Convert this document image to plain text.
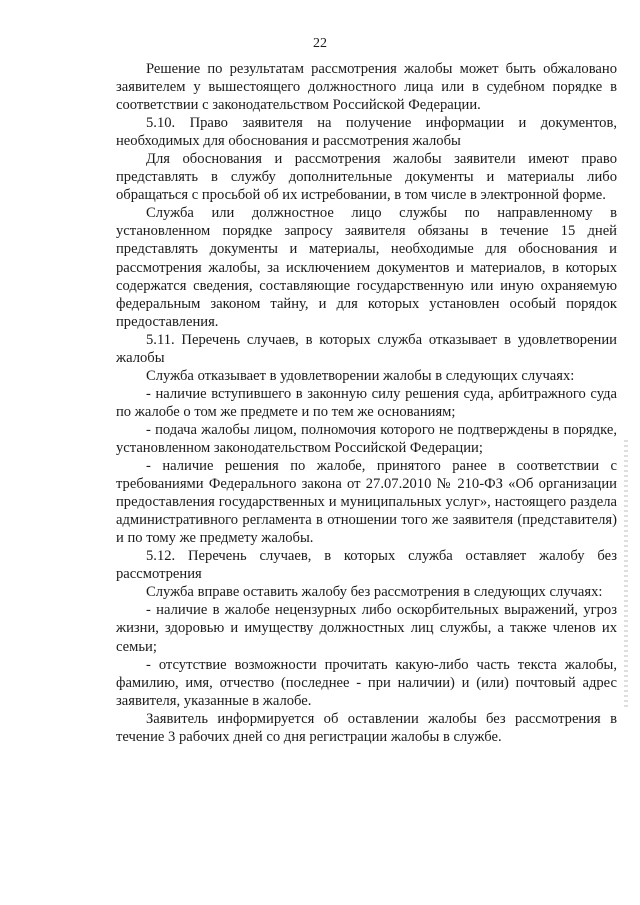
22

Решение по результатам рассмотрения жалобы может быть обжаловано заявителем у вышестоящего должностного лица или в судебном порядке в соответствии с законодательством Российской Федерации.

5.10. Право заявителя на получение информации и документов, необходимых для обоснования и рассмотрения жалобы

Для обоснования и рассмотрения жалобы заявители имеют право представлять в службу дополнительные документы и материалы либо обращаться с просьбой об их истребовании, в том числе в электронной форме.

Служба или должностное лицо службы по направленному в установленном порядке запросу заявителя обязаны в течение 15 дней представлять документы и материалы, необходимые для обоснования и рассмотрения жалобы, за исключением документов и материалов, в которых содержатся сведения, составляющие государственную или иную охраняемую федеральным законом тайну, и для которых установлен особый порядок предоставления.

5.11. Перечень случаев, в которых служба отказывает в удовлетворении жалобы

Служба отказывает в удовлетворении жалобы в следующих случаях:

- наличие вступившего в законную силу решения суда, арбитражного суда по жалобе о том же предмете и по тем же основаниям;

- подача жалобы лицом, полномочия которого не подтверждены в порядке, установленном законодательством Российской Федерации;

- наличие решения по жалобе, принятого ранее в соответствии с требованиями Федерального закона от 27.07.2010 № 210-ФЗ «Об организации предоставления государственных и муниципальных услуг», настоящего раздела административного регламента в отношении того же заявителя (представителя) и по тому же предмету жалобы.

5.12. Перечень случаев, в которых служба оставляет жалобу без рассмотрения

Служба вправе оставить жалобу без рассмотрения в следующих случаях:

- наличие в жалобе нецензурных либо оскорбительных выражений, угроз жизни, здоровью и имуществу должностных лиц службы, а также членов их семьи;

- отсутствие возможности прочитать какую-либо часть текста жалобы, фамилию, имя, отчество (последнее - при наличии) и (или) почтовый адрес заявителя, указанные в жалобе.

Заявитель информируется об оставлении жалобы без рассмотрения в течение 3 рабочих дней со дня регистрации жалобы в службе.
